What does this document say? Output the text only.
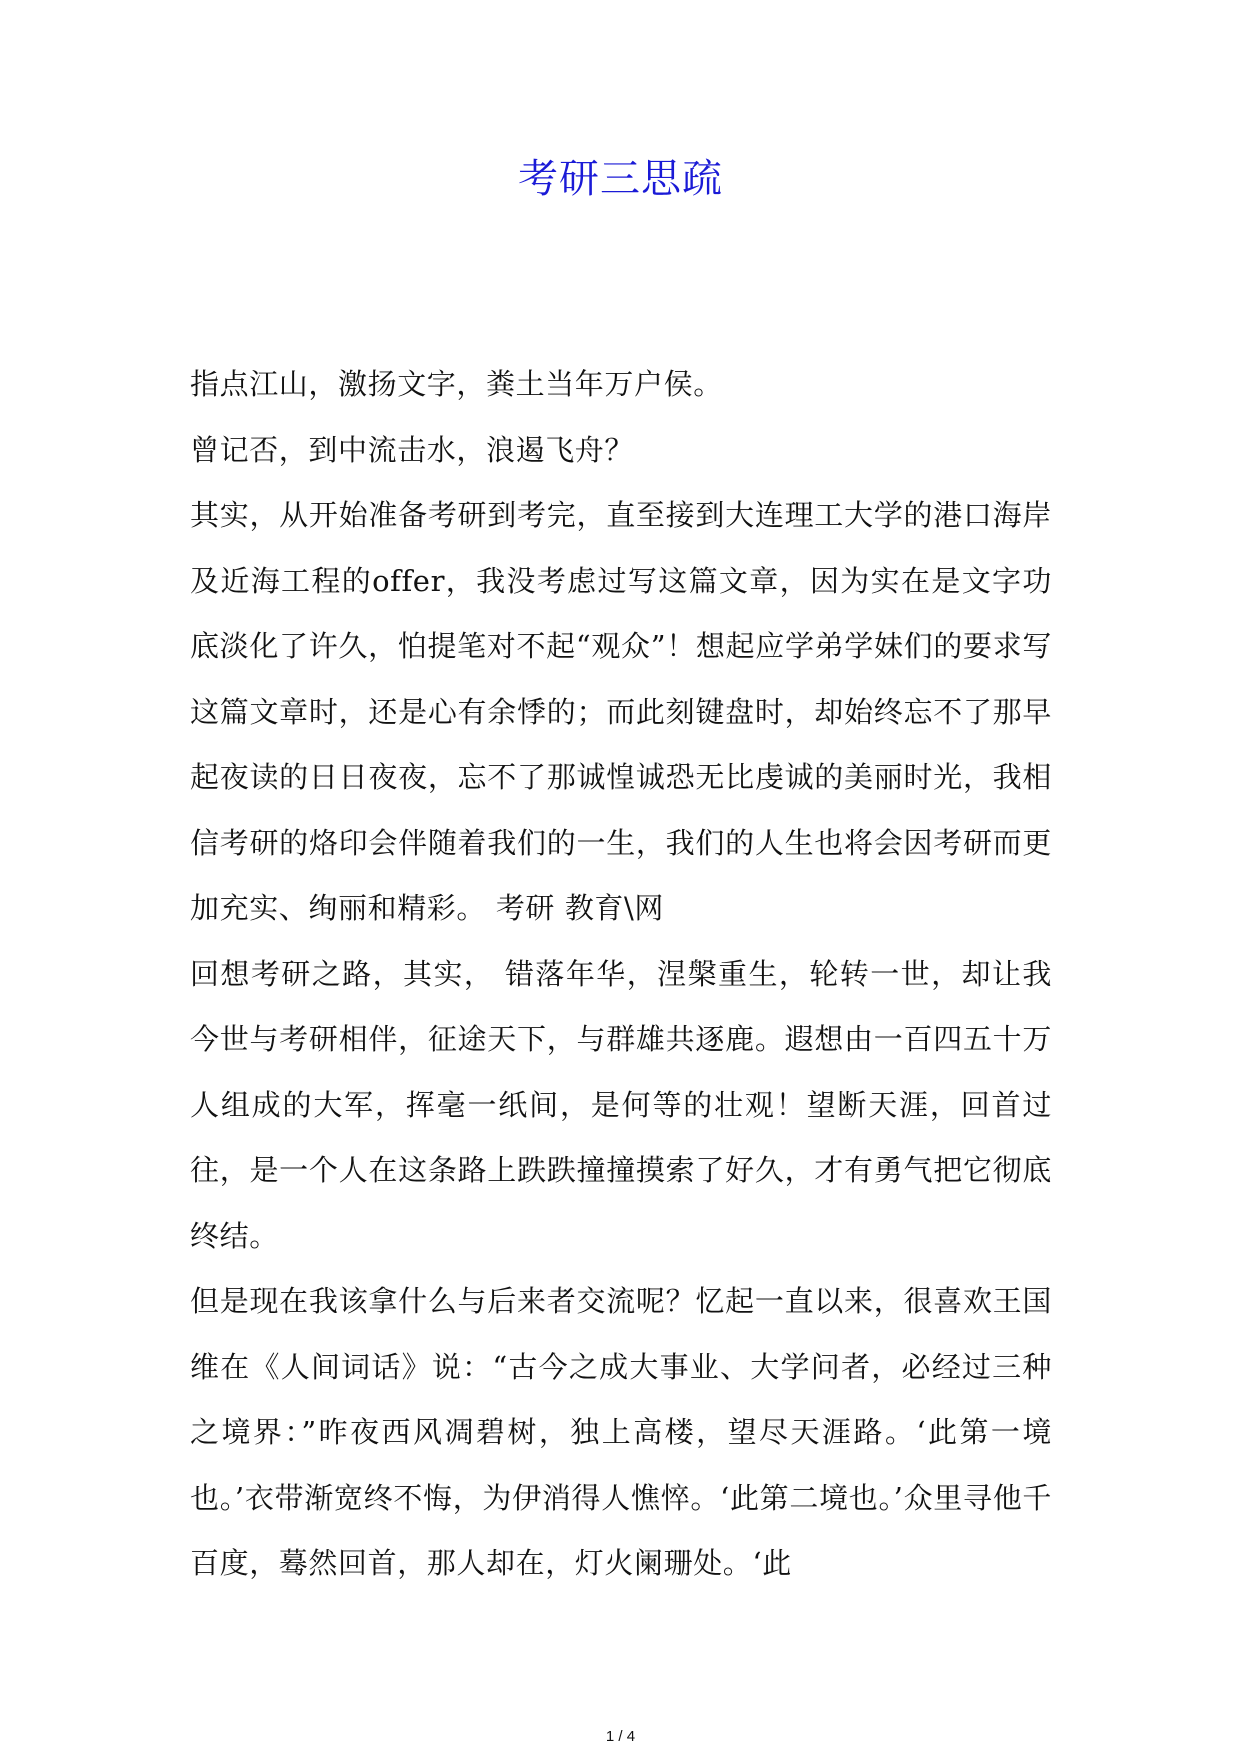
考研三思疏

指点江山，激扬文字，粪土当年万户侯。

曾记否，到中流击水，浪遏飞舟？

其实，从开始准备考研到考完，直至接到大连理工大学的港口海岸及近海工程的offer，我没考虑过写这篇文章，因为实在是文字功底淡化了许久，怕提笔对不起“观众”！想起应学弟学妹们的要求写这篇文章时，还是心有余悸的；而此刻键盘时，却始终忘不了那早起夜读的日日夜夜，忘不了那诚惶诚恐无比虔诚的美丽时光，我相信考研的烙印会伴随着我们的一生，我们的人生也将会因考研而更加充实、绚丽和精彩。 考研 教育\网

回想考研之路，其实， 错落年华，涅槃重生，轮转一世，却让我今世与考研相伴，征途天下，与群雄共逐鹿。遐想由一百四五十万人组成的大军，挥毫一纸间，是何等的壮观！望断天涯，回首过往，是一个人在这条路上跌跌撞撞摸索了好久，才有勇气把它彻底终结。

但是现在我该拿什么与后来者交流呢？忆起一直以来，很喜欢王国维在《人间词话》说：“古今之成大事业、大学问者，必经过三种之境界：”昨夜西风凋碧树，独上高楼，望尽天涯路。‘此第一境也。’衣带渐宽终不悔，为伊消得人憔悴。‘此第二境也。’众里寻他千百度，蓦然回首，那人却在，灯火阑珊处。‘此

1 / 4
